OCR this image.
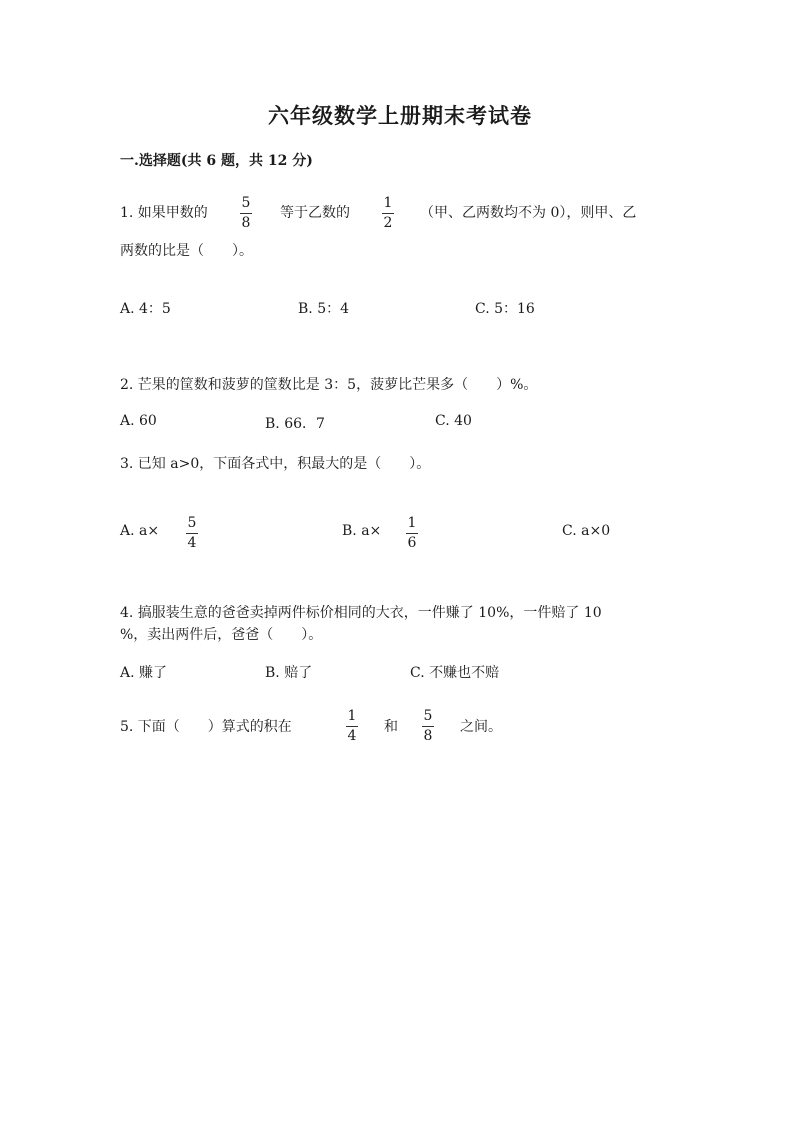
六年级数学上册期末考试卷
一.选择题(共 6 题，共 12 分)
1. 如果甲数的
5
8
等于乙数的
1
2
（甲、乙两数均不为 0），则甲、乙
两数的比是（　　）。
A. 4：5	B. 5：4	C. 5：16
2. 芒果的筐数和菠萝的筐数比是 3：5，菠萝比芒果多（　　）%。
A. 60	B. 66．7	C. 40
3. 已知 a>0，下面各式中，积最大的是（　　）。
A. a× 5
4
B. a× 1
6
C. a×0
4. 搞服装生意的爸爸卖掉两件标价相同的大衣，一件赚了 10%，一件赔了 10
%，卖出两件后，爸爸（　　）。
A. 赚了	B. 赔了	C. 不赚也不赔
5. 下面（　　）算式的积在
1
4
和
5
8
之间。
